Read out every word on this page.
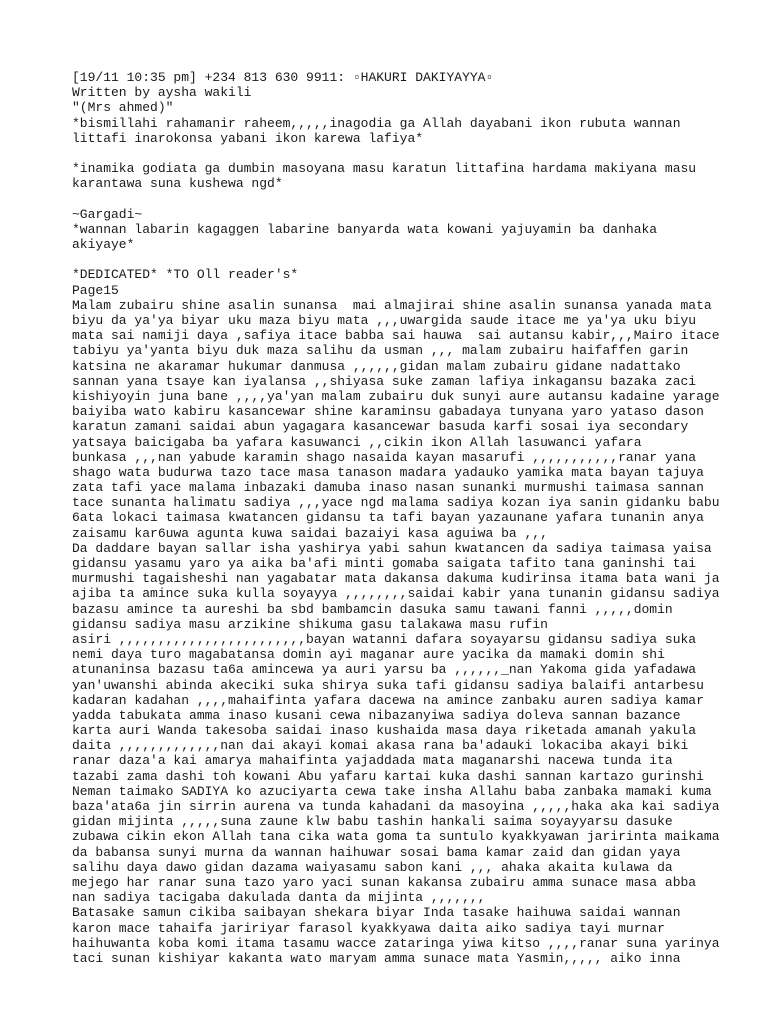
[19/11 10:35 pm] +234 813 630 9911: ▫HAKURI DAKIYAYYA▫
Written by aysha wakili
"(Mrs ahmed)"
*bismillahi rahamanir raheem,,,,,inagodia ga Allah dayabani ikon rubuta wannan
littafi inarokonsa yabani ikon karewa lafiya*
*inamika godiata ga dumbin masoyana masu karatun littafina hardama makiyana masu
karantawa suna kushewa ngd*
~Gargadi~
*wannan labarin kagaggen labarine banyarda wata kowani yajuyamin ba danhaka
akiyaye*
*DEDICATED* *TO Oll reader's*
Page15
Malam zubairu shine asalin sunansa  mai almajirai shine asalin sunansa yanada mata
biyu da ya'ya biyar uku maza biyu mata ,,,uwargida saude itace me ya'ya uku biyu
mata sai namiji daya ,safiya itace babba sai hauwa  sai autansu kabir,,,Mairo itace
tabiyu ya'yanta biyu duk maza salihu da usman ,,, malam zubairu haifaffen garin
katsina ne akaramar hukumar danmusa ,,,,,,gidan malam zubairu gidane nadattako
sannan yana tsaye kan iyalansa ,,shiyasa suke zaman lafiya inkagansu bazaka zaci
kishiyoyin juna bane ,,,,ya'yan malam zubairu duk sunyi aure autansu kadaine yarage
baiyiba wato kabiru kasancewar shine karaminsu gabadaya tunyana yaro yataso dason
karatun zamani saidai abun yagagara kasancewar basuda karfi sosai iya secondary
yatsaya baicigaba ba yafara kasuwanci ,,cikin ikon Allah lasuwanci yafara
bunkasa ,,,nan yabude karamin shago nasaida kayan masarufi ,,,,,,,,,,,ranar yana
shago wata budurwa tazo tace masa tanason madara yadauko yamika mata bayan tajuya
zata tafi yace malama inbazaki damuba inaso nasan sunanki murmushi taimasa sannan
tace sunanta halimatu sadiya ,,,yace ngd malama sadiya kozan iya sanin gidanku babu
6ata lokaci taimasa kwatancen gidansu ta tafi bayan yazaunane yafara tunanin anya
zaisamu kar6uwa agunta kuwa saidai bazaiyi kasa aguiwa ba ,,,
Da daddare bayan sallar isha yashirya yabi sahun kwatancen da sadiya taimasa yaisa
gidansu yasamu yaro ya aika ba'afi minti gomaba saigata tafito tana ganinshi tai
murmushi tagaisheshi nan yagabatar mata dakansa dakuma kudirinsa itama bata wani ja
ajiba ta amince suka kulla soyayya ,,,,,,,,saidai kabir yana tunanin gidansu sadiya
bazasu amince ta aureshi ba sbd bambamcin dasuka samu tawani fanni ,,,,,domin
gidansu sadiya masu arzikine shikuma gasu talakawa masu rufin
asiri ,,,,,,,,,,,,,,,,,,,,,,,,bayan watanni dafara soyayarsu gidansu sadiya suka
nemi daya turo magabatansa domin ayi maganar aure yacika da mamaki domin shi
atunaninsa bazasu ta6a amincewa ya auri yarsu ba ,,,,,,_nan Yakoma gida yafadawa
yan'uwanshi abinda akeciki suka shirya suka tafi gidansu sadiya balaifi antarbesu
kadaran kadahan ,,,,mahaifinta yafara dacewa na amince zanbaku auren sadiya kamar
yadda tabukata amma inaso kusani cewa nibazanyiwa sadiya doleva sannan bazance
karta auri Wanda takesoba saidai inaso kushaida masa daya riketada amanah yakula
daita ,,,,,,,,,,,,,nan dai akayi komai akasa rana ba'adauki lokaciba akayi biki
ranar daza'a kai amarya mahaifinta yajaddada mata maganarshi nacewa tunda ita
tazabi zama dashi toh kowani Abu yafaru kartai kuka dashi sannan kartazo gurinshi
Neman taimako SADIYA ko azuciyarta cewa take insha Allahu baba zanbaka mamaki kuma
baza'ata6a jin sirrin aurena va tunda kahadani da masoyina ,,,,,haka aka kai sadiya
gidan mijinta ,,,,,suna zaune klw babu tashin hankali saima soyayyarsu dasuke
zubawa cikin ekon Allah tana cika wata goma ta suntulo kyakkyawan jaririnta maikama
da babansa sunyi murna da wannan haihuwar sosai bama kamar zaid dan gidan yaya
salihu daya dawo gidan dazama waiyasamu sabon kani ,,, ahaka akaita kulawa da
mejego har ranar suna tazo yaro yaci sunan kakansa zubairu amma sunace masa abba
nan sadiya tacigaba dakulada danta da mijinta ,,,,,,,
Batasake samun cikiba saibayan shekara biyar Inda tasake haihuwa saidai wannan
karon mace tahaifa jaririyar farasol kyakkyawa daita aiko sadiya tayi murnar
haihuwanta koba komi itama tasamu wacce zataringa yiwa kitso ,,,,ranar suna yarinya
taci sunan kishiyar kakanta wato maryam amma sunace mata Yasmin,,,,, aiko inna
